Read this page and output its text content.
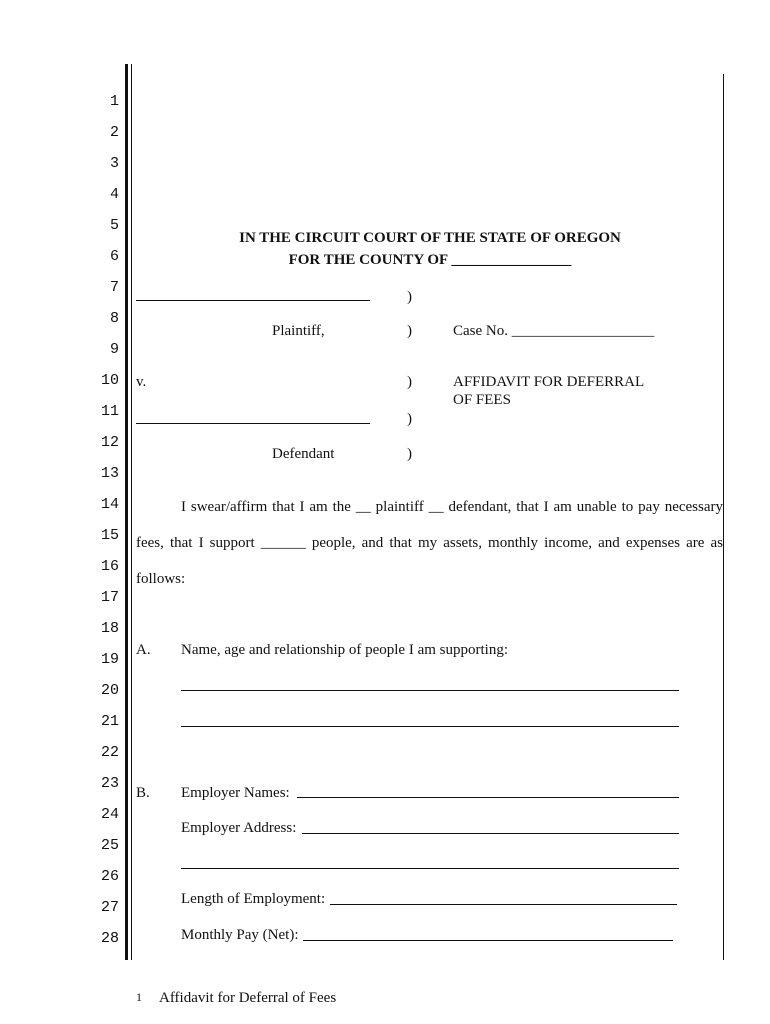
1
2
3
4
5
6
7
8
9
10
11
12
13
14
15
16
17
18
19
20
21
22
23
24
25
26
27
28
IN THE CIRCUIT COURT OF THE STATE OF OREGON
FOR THE COUNTY OF ________________
)
Plaintiff,	)	Case No. ___________________
v.	)	AFFIDAVIT FOR DEFERRAL
OF FEES
)
Defendant	)
I swear/affirm that I am the __ plaintiff __ defendant, that I am unable to pay necessary
fees, that I support ______ people, and that my assets, monthly income, and expenses are as
follows:
A. Name, age and relationship of people I am supporting:
B. Employer Names:
Employer Address:
Length of Employment:
Monthly Pay (Net):
1 Affidavit for Deferral of Fees
